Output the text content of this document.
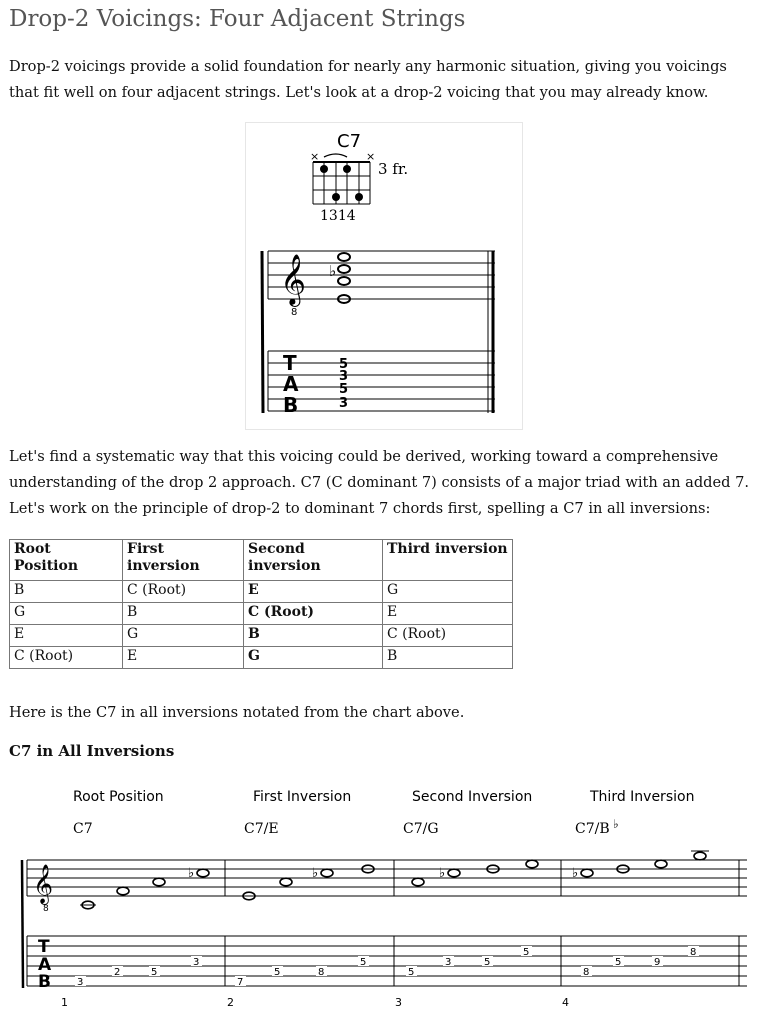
Drop-2 Voicings: Four Adjacent Strings

Drop-2 voicings provide a solid foundation for nearly any harmonic situation, giving you voicings that fit well on four adjacent strings. Let's look at a drop-2 voicing that you may already know.

C7
×	×
3 fr.
1314
𝄞
8
♭
T
A
B
5
3
5
3

Let's find a systematic way that this voicing could be derived, working toward a comprehensive understanding of the drop 2 approach. C7 (C dominant 7) consists of a major triad with an added 7. Let's work on the principle of drop-2 to dominant 7 chords first, spelling a C7 in all inversions:

Root Position	First inversion	Second inversion	Third inversion
B	C (Root)	E	G
G	B	C (Root)	E
E	G	B	C (Root)
C (Root)	E	G	B

Here is the C7 in all inversions notated from the chart above.

C7 in All Inversions
Root Position	First Inversion	Second Inversion	Third Inversion
C7	C7/E	C7/G	C7/B ♭
𝄞
8
♭	♭	♭	♭
T
A
B	3
2	5
3
7
5	8
5
5
3	5
5
8
5	9
8
1	2	3	4
